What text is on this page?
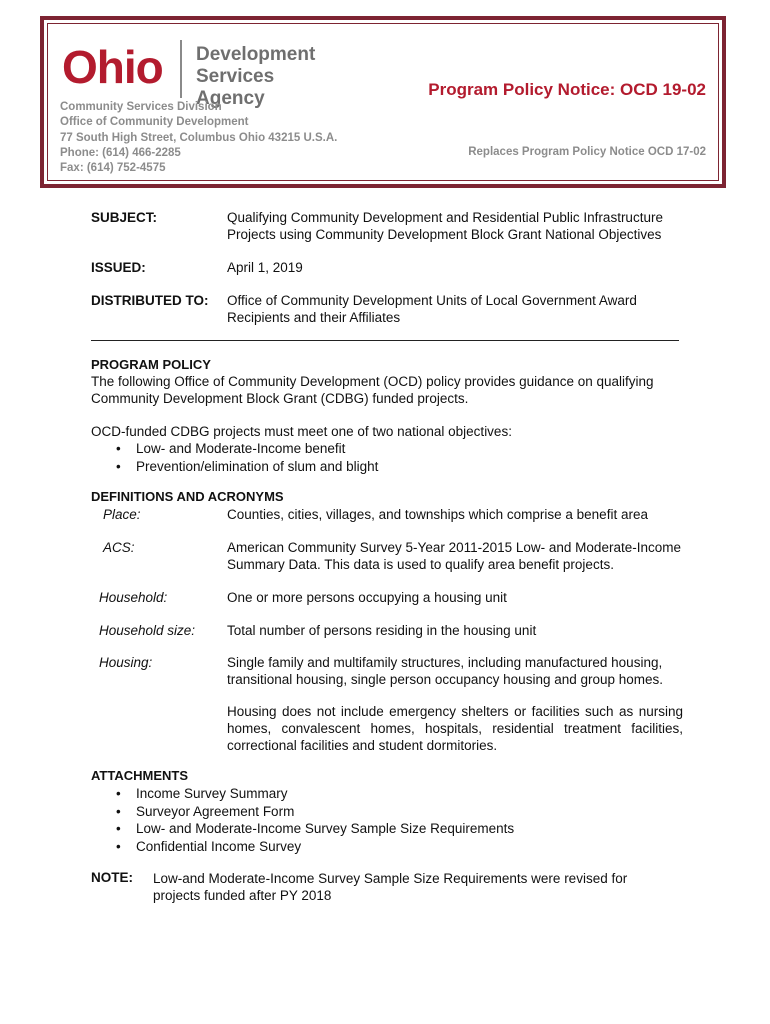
Ohio Development
Services Agency	Program Policy Notice: OCD 19-02
Community Services Division
Office of Community Development
77 South High Street, Columbus Ohio 43215 U.S.A.
Phone: (614) 466-2285
Fax: (614) 752-4575
Replaces Program Policy Notice OCD 17-02
SUBJECT:	Qualifying Community Development and Residential Public Infrastructure Projects using Community Development Block Grant National Objectives
ISSUED:	April 1, 2019
DISTRIBUTED TO: Office of Community Development Units of Local Government Award Recipients and their Affiliates
PROGRAM POLICY
The following Office of Community Development (OCD) policy provides guidance on qualifying Community Development Block Grant (CDBG) funded projects.
OCD-funded CDBG projects must meet one of two national objectives:
• Low- and Moderate-Income benefit
• Prevention/elimination of slum and blight
DEFINITIONS AND ACRONYMS
Place:	Counties, cities, villages, and townships which comprise a benefit area
ACS:	American Community Survey 5-Year 2011-2015 Low- and Moderate-Income Summary Data. This data is used to qualify area benefit projects.
Household:	One or more persons occupying a housing unit
Household size: Total number of persons residing in the housing unit
Housing:	Single family and multifamily structures, including manufactured housing, transitional housing, single person occupancy housing and group homes.
Housing does not include emergency shelters or facilities such as nursing homes, convalescent homes, hospitals, residential treatment facilities, correctional facilities and student dormitories.
ATTACHMENTS
• Income Survey Summary
• Surveyor Agreement Form
• Low- and Moderate-Income Survey Sample Size Requirements
• Confidential Income Survey
NOTE: Low-and Moderate-Income Survey Sample Size Requirements were revised for projects funded after PY 2018
